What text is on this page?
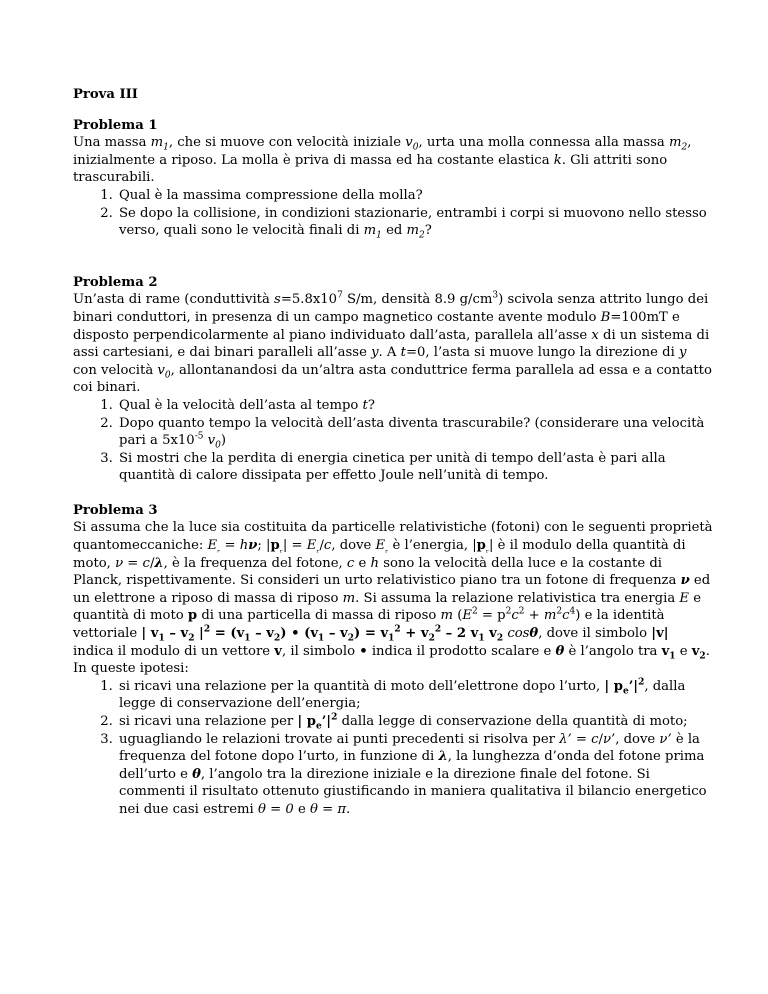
Prova III

Problema 1

Una massa $m_1$, che si muove con velocità iniziale $v_0$, urta una molla connessa alla massa $m_2$, inizialmente a riposo. La molla è priva di massa ed ha costante elastica k. Gli attriti sono trascurabili.

1. Qual è la massima compressione della molla?
2. Se dopo la collisione, in condizioni stazionarie, entrambi i corpi si muovono nello stesso verso, quali sono le velocità finali di $m_1$ ed $m_2$?

Problema 2

Un’asta di rame (conduttività $s=5.8x10^7$ S/m, densità 8.9 $g/cm^3$) scivola senza attrito lungo dei binari conduttori, in presenza di un campo magnetico costante avente modulo B=100mT e disposto perpendicolarmente al piano individuato dall’asta, parallela all’asse x di un sistema di assi cartesiani, e dai binari paralleli all’asse y. A t=0, l’asta si muove lungo la direzione di y con velocità $v_0$, allontanandosi da un’altra asta conduttrice ferma parallela ad essa e a contatto coi binari.

1. Qual è la velocità dell’asta al tempo t?
2. Dopo quanto tempo la velocità dell’asta diventa trascurabile? (considerare una velocità pari a $5x10^{-5}$ $v_0$)
3. Si mostri che la perdita di energia cinetica per unità di tempo dell’asta è pari alla quantità di calore dissipata per effetto Joule nell’unità di tempo.

Problema 3

Si assuma che la luce sia costituita da particelle relativistiche (fotoni) con le seguenti proprietà quantomeccaniche: $E_ᵣ = h\nu$; $|p_ᵣ| = E_ᵣ/c$, dove $E_ᵣ$ è l’energia, $|p_ᵣ|$ è il modulo della quantità di moto, ν = c/λ, è la frequenza del fotone, c e h sono la velocità della luce e la costante di Planck, rispettivamente. Si consideri un urto relativistico piano tra un fotone di frequenza ν ed un elettrone a riposo di massa di riposo m. Si assuma la relazione relativistica tra energia E e quantità di moto p di una particella di massa di riposo m $(E^2 = p^2c^2 + m^2c^4)$ e la identità vettoriale | $v_1 - v_2$ $|^2 = (v_1 - v_2)$ • $(v_1 - v_2) = v_1^2 + v_2^2 - 2$ $v_1$ $v_2$ cosθ, dove il simbolo |v| indica il modulo di un vettore v, il simbolo • indica il prodotto scalare e θ è l’angolo tra $v_1$ e $v_2$. In queste ipotesi:

1. si ricavi una relazione per la quantità di moto dell’elettrone dopo l’urto, | $p_e’|^2$, dalla legge di conservazione dell’energia;
2. si ricavi una relazione per | $p_e’|^2$ dalla legge di conservazione della quantità di moto;
3. uguagliando le relazioni trovate ai punti precedenti si risolva per λ’ = c/ν’, dove ν’ è la frequenza del fotone dopo l’urto, in funzione di λ, la lunghezza d’onda del fotone prima dell’urto e θ, l’angolo tra la direzione iniziale e la direzione finale del fotone. Si commenti il risultato ottenuto giustificando in maniera qualitativa il bilancio energetico nei due casi estremi θ = 0 e θ = π.
